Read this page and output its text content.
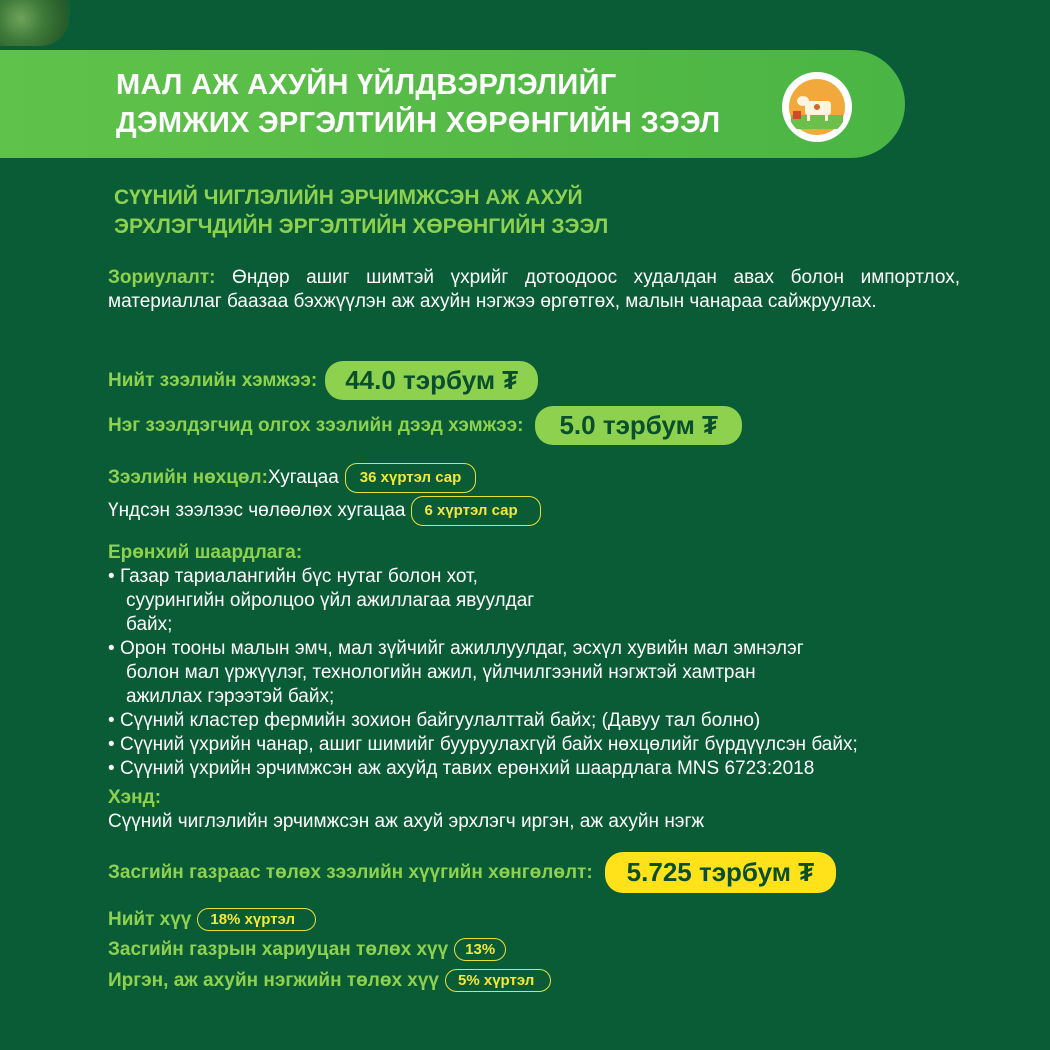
МАЛ АЖ АХУЙН ҮЙЛДВЭРЛЭЛИЙГ
ДЭМЖИХ ЭРГЭЛТИЙН ХӨРӨНГИЙН ЗЭЭЛ
СҮҮНИЙ ЧИГЛЭЛИЙН ЭРЧИМЖСЭН АЖ АХУЙ
ЭРХЛЭГЧДИЙН ЭРГЭЛТИЙН ХӨРӨНГИЙН ЗЭЭЛ
Зориулалт: Өндөр ашиг шимтэй үхрийг дотоодоос худалдан авах болон импортлох, материаллаг баазаа бэхжүүлэн аж ахуйн нэгжээ өргөтгөх, малын чанараа сайжруулах.
Нийт зээлийн хэмжээ:	44.0 тэрбум ₮
Нэг зээлдэгчид олгох зээлийн дээд хэмжээ:	5.0 тэрбум ₮
Зээлийн нөхцөл: Хугацаа	36 хүртэл сар
Үндсэн зээлээс чөлөөлөх хугацаа	6 хүртэл сар
Ерөнхий шаардлага:
• Газар тариалангийн бүс нутаг болон хот, суурингийн ойролцоо үйл ажиллагаа явуулдаг байх;
• Орон тооны малын эмч, мал зүйчийг ажиллуулдаг, эсхүл хувийн мал эмнэлэг болон мал үржүүлэг, технологийн ажил, үйлчилгээний нэгжтэй хамтран ажиллах гэрээтэй байх;
• Сүүний кластер фермийн зохион байгуулалттай байх; (Давуу тал болно)
• Сүүний үхрийн чанар, ашиг шимийг бууруулахгүй байх нөхцөлийг бүрдүүлсэн байх;
• Сүүний үхрийн эрчимжсэн аж ахуйд тавих ерөнхий шаардлага MNS 6723:2018
Хэнд:
Сүүний чиглэлийн эрчимжсэн аж ахуй эрхлэгч иргэн, аж ахуйн нэгж
Засгийн газраас төлөх зээлийн хүүгийн хөнгөлөлт:	5.725 тэрбум ₮
Нийт хүү	18% хүртэл
Засгийн газрын хариуцан төлөх хүү	13%
Иргэн, аж ахуйн нэгжийн төлөх хүү	5% хүртэл
